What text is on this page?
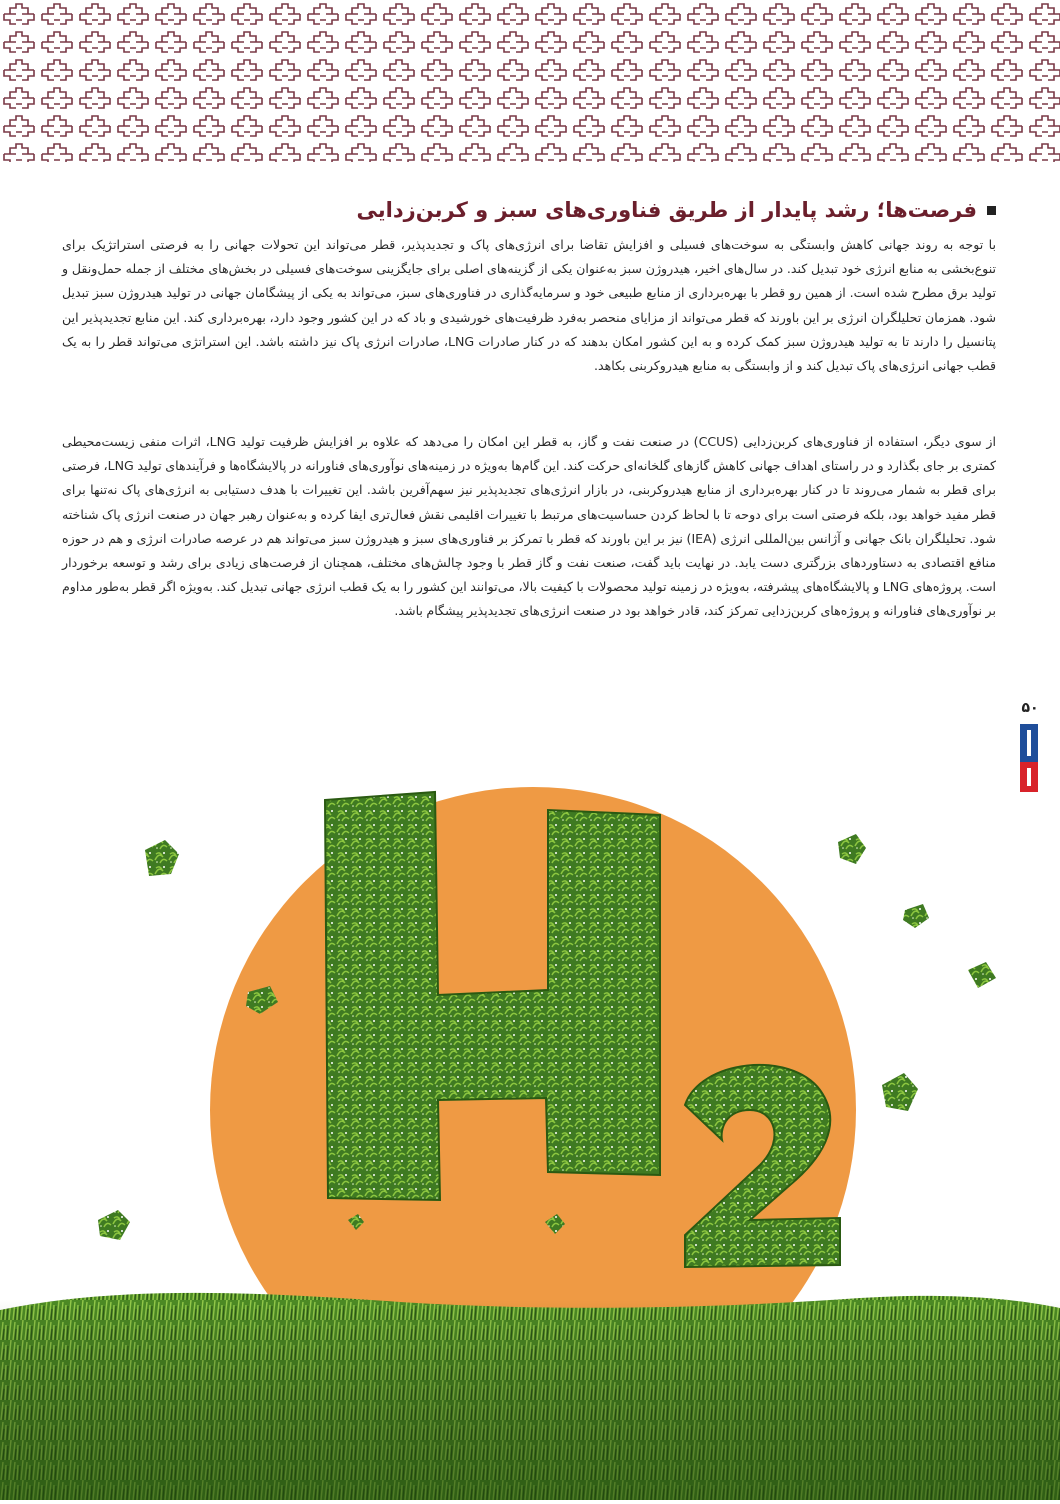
فرصت‌ها؛ رشد پایدار از طریق فناوری‌های سبز و کربن‌زدایی

با توجه به روند جهانی کاهش وابستگی به سوخت‌های فسیلی و افزایش تقاضا برای انرژی‌های پاک و تجدیدپذیر، قطر می‌تواند این تحولات جهانی را به فرصتی استراتژیک برای تنوع‌بخشی به منابع انرژی خود تبدیل کند. در سال‌های اخیر، هیدروژن سبز به‌عنوان یکی از گزینه‌های اصلی برای جایگزینی سوخت‌های فسیلی در بخش‌های مختلف از جمله حمل‌ونقل و تولید برق مطرح شده است. از همین رو قطر با بهره‌برداری از منابع طبیعی خود و سرمایه‌گذاری در فناوری‌های سبز، می‌تواند به یکی از پیشگامان جهانی در تولید هیدروژن سبز تبدیل شود. همزمان تحلیلگران انرژی بر این باورند که قطر می‌تواند از مزایای منحصر به‌فرد ظرفیت‌های خورشیدی و باد که در این کشور وجود دارد، بهره‌برداری کند. این منابع تجدیدپذیر این پتانسیل را دارند تا به تولید هیدروژن سبز کمک کرده و به این کشور امکان بدهند که در کنار صادرات LNG، صادرات انرژی پاک نیز داشته باشد. این استراتژی می‌تواند قطر را به یک قطب جهانی انرژی‌های پاک تبدیل کند و از وابستگی به منابع هیدروکربنی بکاهد.

از سوی دیگر، استفاده از فناوری‌های کربن‌زدایی (CCUS) در صنعت نفت و گاز، به قطر این امکان را می‌دهد که علاوه بر افزایش ظرفیت تولید LNG، اثرات منفی زیست‌محیطی کمتری بر جای بگذارد و در راستای اهداف جهانی کاهش گازهای گلخانه‌ای حرکت کند. این گام‌ها به‌ویژه در زمینه‌های نوآوری‌های فناورانه در پالایشگاه‌ها و فرآیندهای تولید LNG، فرصتی برای قطر به شمار می‌روند تا در کنار بهره‌برداری از منابع هیدروکربنی، در بازار انرژی‌های تجدیدپذیر نیز سهم‌آفرین باشد. این تغییرات با هدف دستیابی به انرژی‌های پاک نه‌تنها برای قطر مفید خواهد بود، بلکه فرصتی است برای دوحه تا با لحاظ کردن حساسیت‌های مرتبط با تغییرات اقلیمی نقش فعال‌تری ایفا کرده و به‌عنوان رهبر جهان در صنعت انرژی پاک شناخته شود. تحلیلگران بانک جهانی و آژانس بین‌المللی انرژی (IEA) نیز بر این باورند که قطر با تمرکز بر فناوری‌های سبز و هیدروژن سبز می‌تواند هم در عرصه صادرات انرژی و هم در حوزه منافع اقتصادی به دستاوردهای بزرگتری دست یابد. در نهایت باید گفت، صنعت نفت و گاز قطر با وجود چالش‌های مختلف، همچنان از فرصت‌های زیادی برای رشد و توسعه برخوردار است. پروژه‌های LNG و پالایشگاه‌های پیشرفته، به‌ویژه در زمینه تولید محصولات با کیفیت بالا، می‌توانند این کشور را به یک قطب انرژی جهانی تبدیل کند. به‌ویژه اگر قطر به‌طور مداوم بر نوآوری‌های فناورانه و پروژه‌های کربن‌زدایی تمرکز کند، قادر خواهد بود در صنعت انرژی‌های تجدیدپذیر پیشگام باشد.

۵۰
